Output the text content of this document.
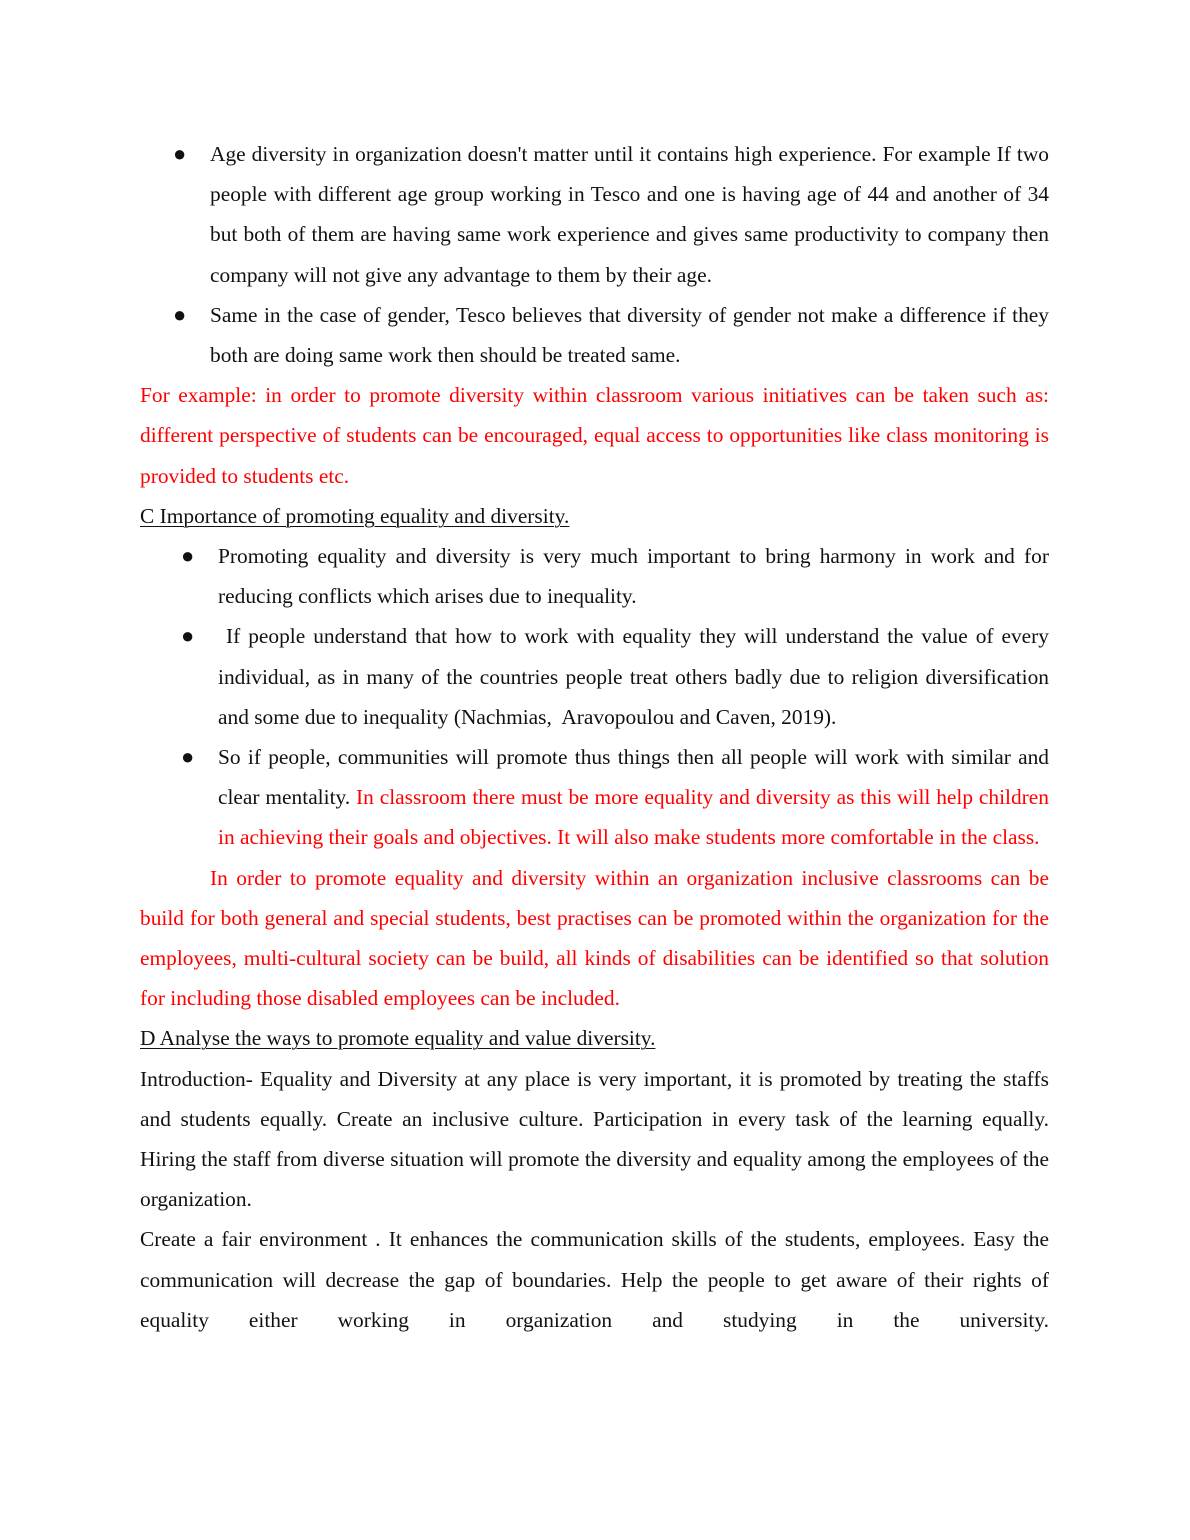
● Age diversity in organization doesn't matter until it contains high experience. For example If two people with different age group working in Tesco and one is having age of 44 and another of 34 but both of them are having same work experience and gives same productivity to company then company will not give any advantage to them by their age.
● Same in the case of gender, Tesco believes that diversity of gender not make a difference if they both are doing same work then should be treated same.

For example: in order to promote diversity within classroom various initiatives can be taken such as: different perspective of students can be encouraged, equal access to opportunities like class monitoring is provided to students etc.

C Importance of promoting equality and diversity.

● Promoting equality and diversity is very much important to bring harmony in work and for reducing conflicts which arises due to inequality.
● If people understand that how to work with equality they will understand the value of every individual, as in many of the countries people treat others badly due to religion diversification and some due to inequality (Nachmias,  Aravopoulou and Caven, 2019).
● So if people, communities will promote thus things then all people will work with similar and clear mentality. In classroom there must be more equality and diversity as this will help children in achieving their goals and objectives. It will also make students more comfortable in the class.

In order to promote equality and diversity within an organization inclusive classrooms can be build for both general and special students, best practises can be promoted within the organization for the employees, multi-cultural society can be build, all kinds of disabilities can be identified so that solution for including those disabled employees can be included.

D Analyse the ways to promote equality and value diversity.

Introduction- Equality and Diversity at any place is very important, it is promoted by treating the staffs and students equally. Create an inclusive culture. Participation in every task of the learning equally. Hiring the staff from diverse situation will promote the diversity and equality among the employees of the organization.

Create a fair environment . It enhances the communication skills of the students, employees. Easy the communication will decrease the gap of boundaries. Help the people to get aware of their rights of equality either working in organization and studying in the university.
